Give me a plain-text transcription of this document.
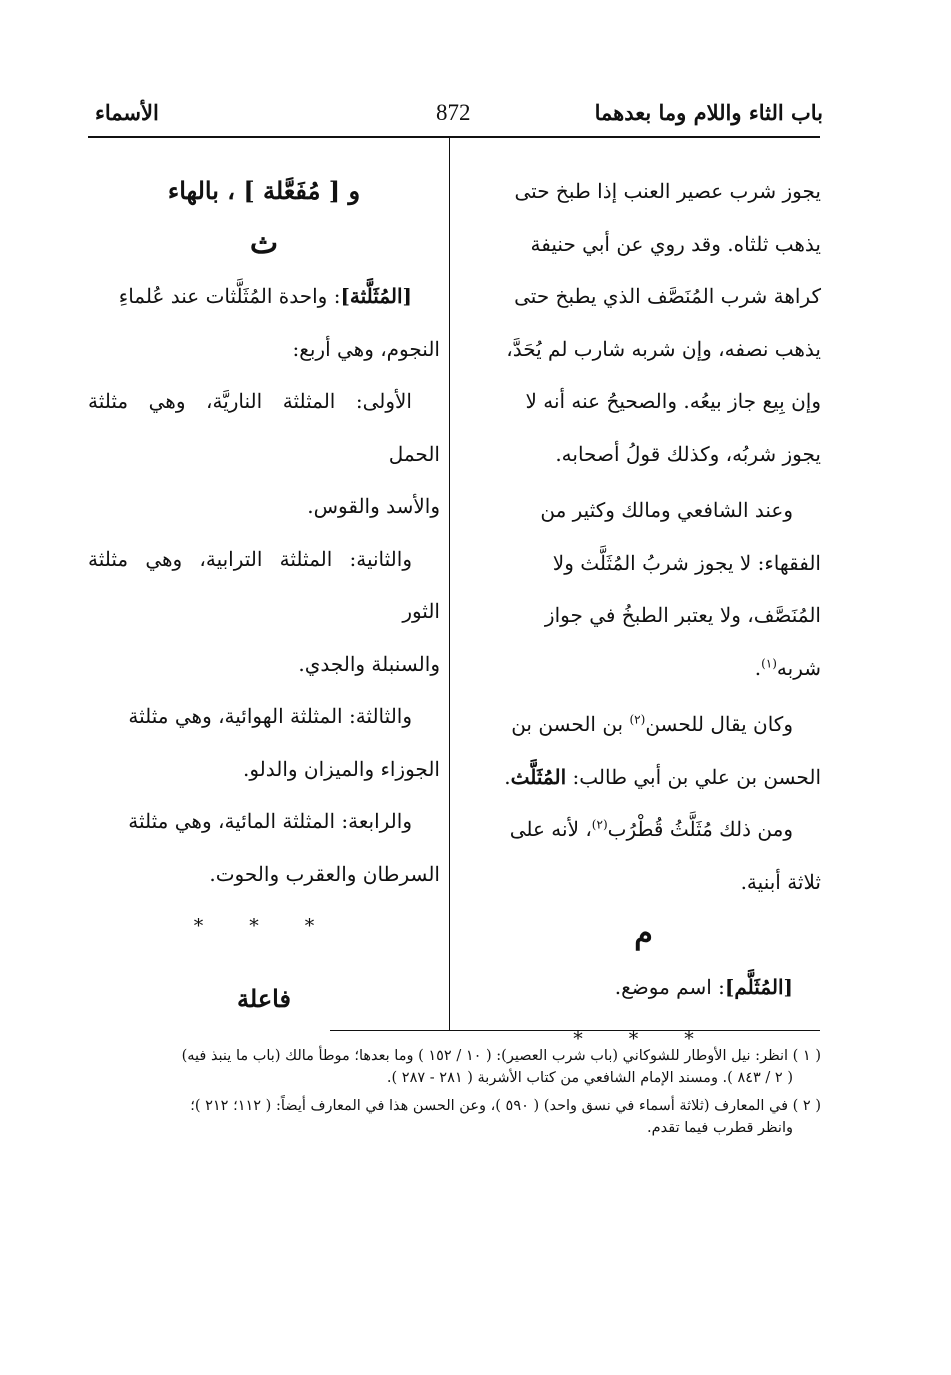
باب الثاء واللام وما بعدهما
872
الأسماء

يجوز شرب عصير العنب إذا طبخ حتى

يذهب ثلثاه. وقد روي عن أبي حنيفة

كراهة شرب المُنَصَّف الذي يطبخ حتى

يذهب نصفه، وإن شربه شارب لم يُحَدَّ،

وإن بِيع جاز بيعُه. والصحيحُ عنه أنه لا

يجوز شربُه، وكذلك قولُ أصحابه.

وعند الشافعي ومالك وكثير من

الفقهاء: لا يجوز شربُ المُثَلَّث ولا

المُنَصَّف، ولا يعتبر الطبخُ في جواز

شربه$^{(١)}$.

وكان يقال للحسن$^{(٢)}$ بن الحسن بن

الحسن بن علي بن أبي طالب: المُثَلَّث.

ومن ذلك مُثَلَّثُ قُطْرُب$^{(٢)}$، لأنه على

ثلاثة أبنية.

م

[المُثَلَّم]: اسم موضع.

* * *

و [ مُفَعَّلة ] ، بالهاء

ث

[المُثَلَّثة]: واحدة المُثَلَّثات عند عُلماءِ

النجوم، وهي أربع:

الأولى: المثلثة الناريَّة، وهي مثلثة الحمل

والأسد والقوس.

والثانية: المثلثة الترابية، وهي مثلثة الثور

والسنبلة والجدي.

والثالثة: المثلثة الهوائية، وهي مثلثة

الجوزاء والميزان والدلو.

والرابعة: المثلثة المائية، وهي مثلثة

السرطان والعقرب والحوت.

* * *

فاعلة

( ١ ) انظر: نيل الأوطار للشوكاني (باب شرب العصير): ( ١٠ / ١٥٢ ) وما بعدها؛ موطأ مالك (باب ما ينبذ فيه)
( ٢ / ٨٤٣ ). ومسند الإمام الشافعي من كتاب الأشربة ( ٢٨١ - ٢٨٧ ).

( ٢ ) في المعارف (ثلاثة أسماء في نسق واحد) ( ٥٩٠ )، وعن الحسن هذا في المعارف أيضاً: ( ١١٢؛ ٢١٢ )؛
وانظر قطرب فيما تقدم.
